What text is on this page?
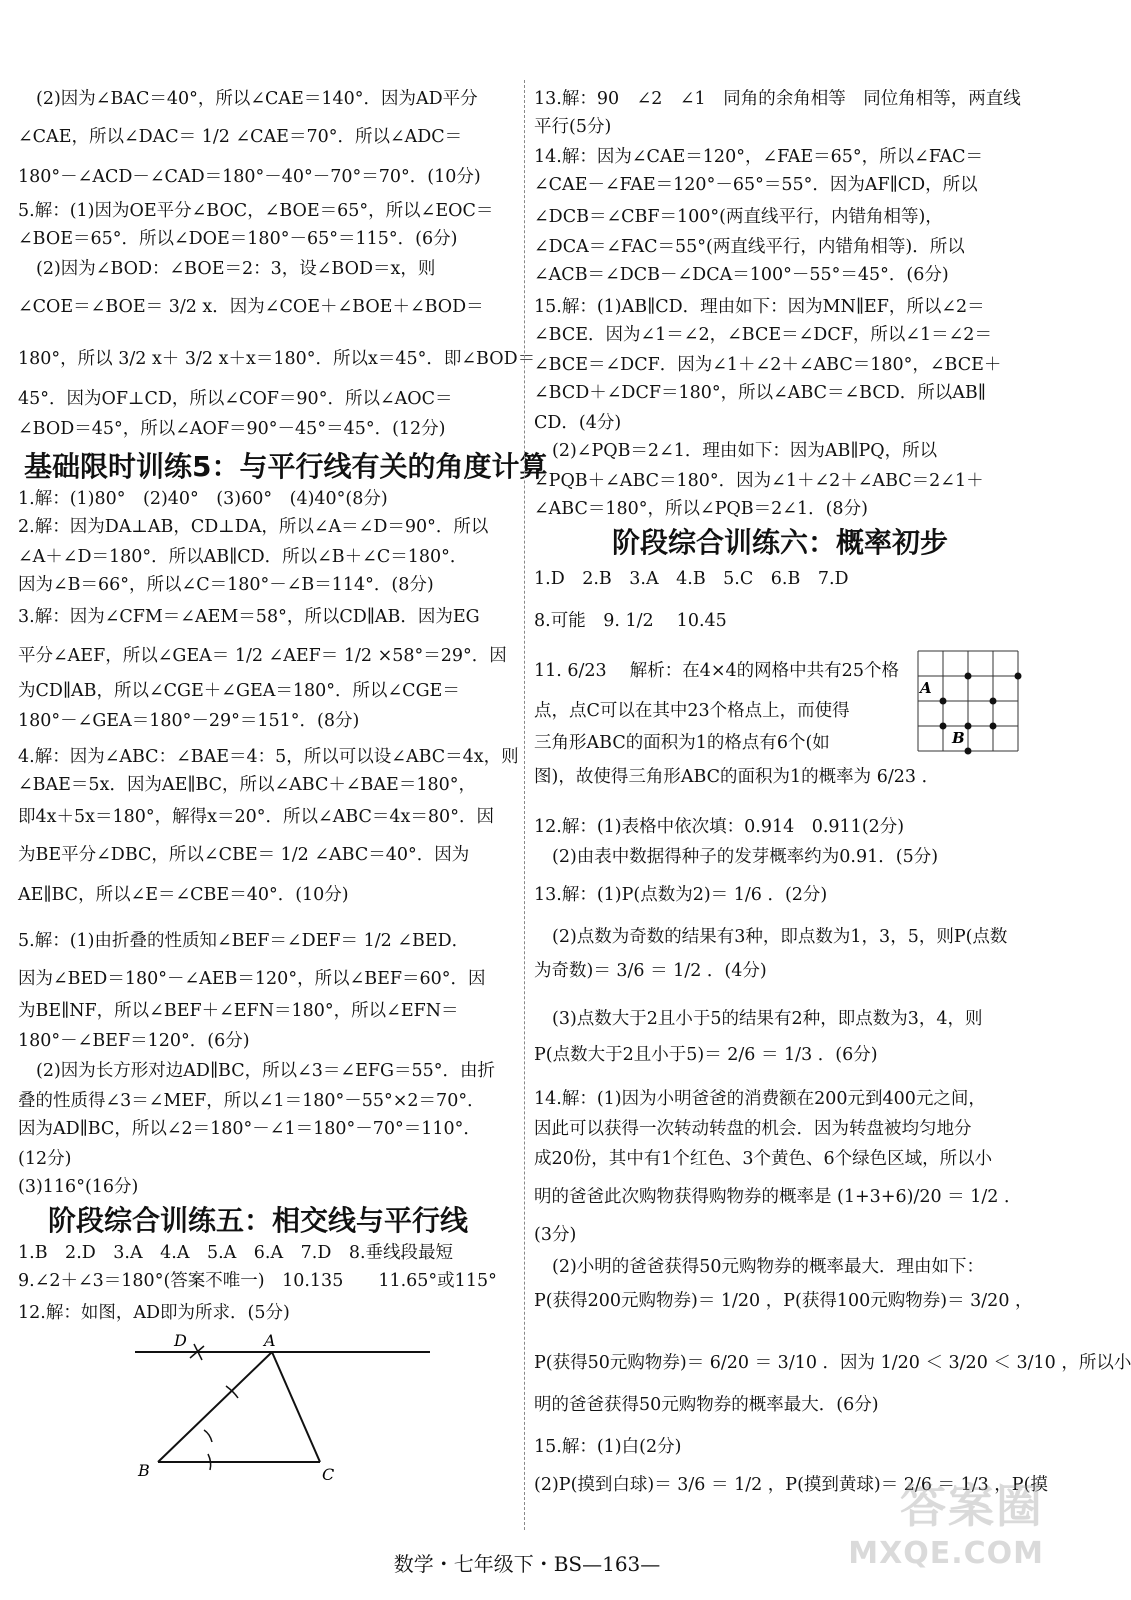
(2)因为∠BAC＝40°，所以∠CAE＝140°．因为AD平分
∠CAE，所以∠DAC＝ 1/2 ∠CAE＝70°．所以∠ADC＝
180°－∠ACD－∠CAD＝180°－40°－70°＝70°．(10分)
5.解：(1)因为OE平分∠BOC，∠BOE＝65°，所以∠EOC＝
∠BOE＝65°．所以∠DOE＝180°－65°＝115°．(6分)
(2)因为∠BOD：∠BOE＝2：3，设∠BOD＝x，则
∠COE＝∠BOE＝ 3/2 x．因为∠COE＋∠BOE＋∠BOD＝
180°，所以 3/2 x＋ 3/2 x＋x＝180°．所以x＝45°．即∠BOD＝
45°．因为OF⊥CD，所以∠COF＝90°．所以∠AOC＝
∠BOD＝45°，所以∠AOF＝90°－45°＝45°．(12分)
1.解：(1)80°　(2)40°　(3)60°　(4)40°(8分)
2.解：因为DA⊥AB，CD⊥DA，所以∠A＝∠D＝90°．所以
∠A＋∠D＝180°．所以AB∥CD．所以∠B＋∠C＝180°．
因为∠B＝66°，所以∠C＝180°－∠B＝114°．(8分)
3.解：因为∠CFM＝∠AEM＝58°，所以CD∥AB．因为EG
平分∠AEF，所以∠GEA＝ 1/2 ∠AEF＝ 1/2 ×58°＝29°．因
为CD∥AB，所以∠CGE＋∠GEA＝180°．所以∠CGE＝
180°－∠GEA＝180°－29°＝151°．(8分)
4.解：因为∠ABC：∠BAE＝4：5，所以可以设∠ABC＝4x，则
∠BAE＝5x．因为AE∥BC，所以∠ABC＋∠BAE＝180°，
即4x＋5x＝180°，解得x＝20°．所以∠ABC＝4x＝80°．因
为BE平分∠DBC，所以∠CBE＝ 1/2 ∠ABC＝40°．因为
AE∥BC，所以∠E＝∠CBE＝40°．(10分)
5.解：(1)由折叠的性质知∠BEF＝∠DEF＝ 1/2 ∠BED．
因为∠BED＝180°－∠AEB＝120°，所以∠BEF＝60°．因
为BE∥NF，所以∠BEF＋∠EFN＝180°，所以∠EFN＝
180°－∠BEF＝120°．(6分)
(2)因为长方形对边AD∥BC，所以∠3＝∠EFG＝55°．由折
叠的性质得∠3＝∠MEF，所以∠1＝180°－55°×2＝70°．
因为AD∥BC，所以∠2＝180°－∠1＝180°－70°＝110°．
(12分)
(3)116°(16分)
1.B　2.D　3.A　4.A　5.A　6.A　7.D　8.垂线段最短
9.∠2＋∠3＝180°(答案不唯一)　10.135　　11.65°或115°
12.解：如图，AD即为所求．(5分)
基础限时训练5：与平行线有关的角度计算
阶段综合训练五：相交线与平行线
13.解：90　∠2　∠1　同角的余角相等　同位角相等，两直线
平行(5分)
14.解：因为∠CAE＝120°，∠FAE＝65°，所以∠FAC＝
∠CAE－∠FAE＝120°－65°＝55°．因为AF∥CD，所以
∠DCB＝∠CBF＝100°(两直线平行，内错角相等)，
∠DCA＝∠FAC＝55°(两直线平行，内错角相等)．所以
∠ACB＝∠DCB－∠DCA＝100°－55°＝45°．(6分)
15.解：(1)AB∥CD．理由如下：因为MN∥EF，所以∠2＝
∠BCE．因为∠1＝∠2，∠BCE＝∠DCF，所以∠1＝∠2＝
∠BCE＝∠DCF．因为∠1＋∠2＋∠ABC＝180°，∠BCE＋
∠BCD＋∠DCF＝180°，所以∠ABC＝∠BCD．所以AB∥
CD．(4分)
(2)∠PQB＝2∠1．理由如下：因为AB∥PQ，所以
∠PQB＋∠ABC＝180°．因为∠1＋∠2＋∠ABC＝2∠1＋
∠ABC＝180°，所以∠PQB＝2∠1．(8分)
1.D　2.B　3.A　4.B　5.C　6.B　7.D
8.可能　9. 1/2 　10.45
11. 6/23 　解析：在4×4的网格中共有25个格
点，点C可以在其中23个格点上，而使得
三角形ABC的面积为1的格点有6个(如
图)，故使得三角形ABC的面积为1的概率为 6/23 ．
12.解：(1)表格中依次填：0.914　0.911(2分)
(2)由表中数据得种子的发芽概率约为0.91．(5分)
13.解：(1)P(点数为2)＝ 1/6 ．(2分)
(2)点数为奇数的结果有3种，即点数为1，3，5，则P(点数
为奇数)＝ 3/6 ＝ 1/2 ．(4分)
(3)点数大于2且小于5的结果有2种，即点数为3，4，则
P(点数大于2且小于5)＝ 2/6 ＝ 1/3 ．(6分)
14.解：(1)因为小明爸爸的消费额在200元到400元之间，
因此可以获得一次转动转盘的机会．因为转盘被均匀地分
成20份，其中有1个红色、3个黄色、6个绿色区域，所以小
明的爸爸此次购物获得购物券的概率是 (1+3+6)/20 ＝ 1/2 ．
(3分)
(2)小明的爸爸获得50元购物券的概率最大．理由如下：
P(获得200元购物券)＝ 1/20 ，P(获得100元购物券)＝ 3/20 ，
P(获得50元购物券)＝ 6/20 ＝ 3/10 ．因为 1/20 ＜ 3/20 ＜ 3/10 ，所以小
明的爸爸获得50元购物券的概率最大．(6分)
15.解：(1)白(2分)
(2)P(摸到白球)＝ 3/6 ＝ 1/2 ，P(摸到黄球)＝ 2/6 ＝ 1/3 ，P(摸
阶段综合训练六：概率初步
D	A
B	C
A
B
数学・七年级下・BS—163—
答案圈
MXQE.COM
